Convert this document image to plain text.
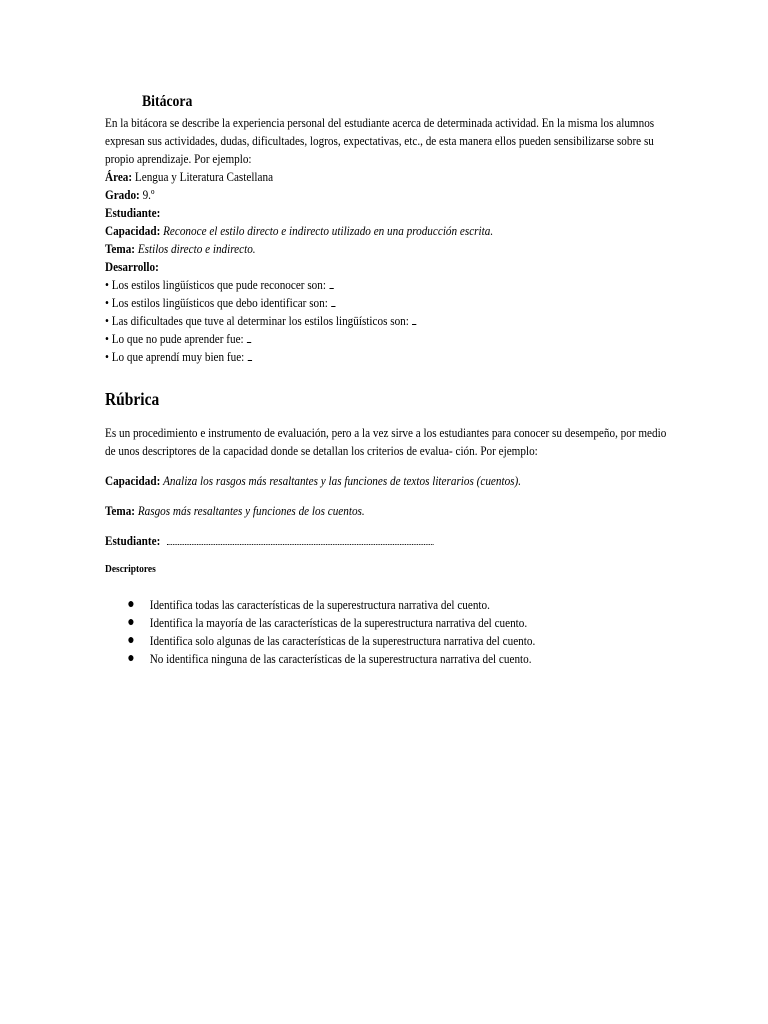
Bitácora

En la bitácora se describe la experiencia personal del estudiante acerca de determinada actividad. En la misma los alumnos expresan sus actividades, dudas, dificultades, logros, expectativas, etc., de esta manera ellos pueden sensibilizarse sobre su propio aprendizaje. Por ejemplo:

Área: Lengua y Literatura Castellana

Grado: 9.º

Estudiante:

Capacidad: Reconoce el estilo directo e indirecto utilizado en una producción escrita.

Tema: Estilos directo e indirecto.

Desarrollo:

• Los estilos lingüísticos que pude reconocer son:

• Los estilos lingüísticos que debo identificar son:

• Las dificultades que tuve al determinar los estilos lingüísticos son:

• Lo que no pude aprender fue:

• Lo que aprendí muy bien fue:

Rúbrica

Es un procedimiento e instrumento de evaluación, pero a la vez sirve a los estudiantes para conocer su desempeño, por medio de unos descriptores de la capacidad donde se detallan los criterios de evalua- ción. Por ejemplo:

Capacidad: Analiza los rasgos más resaltantes y las funciones de textos literarios (cuentos).

Tema: Rasgos más resaltantes y funciones de los cuentos.

Estudiante:

Descriptores

● Identifica todas las características de la superestructura narrativa del cuento.
● Identifica la mayoría de las características de la superestructura narrativa del cuento.
● Identifica solo algunas de las características de la superestructura narrativa del cuento.
● No identifica ninguna de las características de la superestructura narrativa del cuento.
